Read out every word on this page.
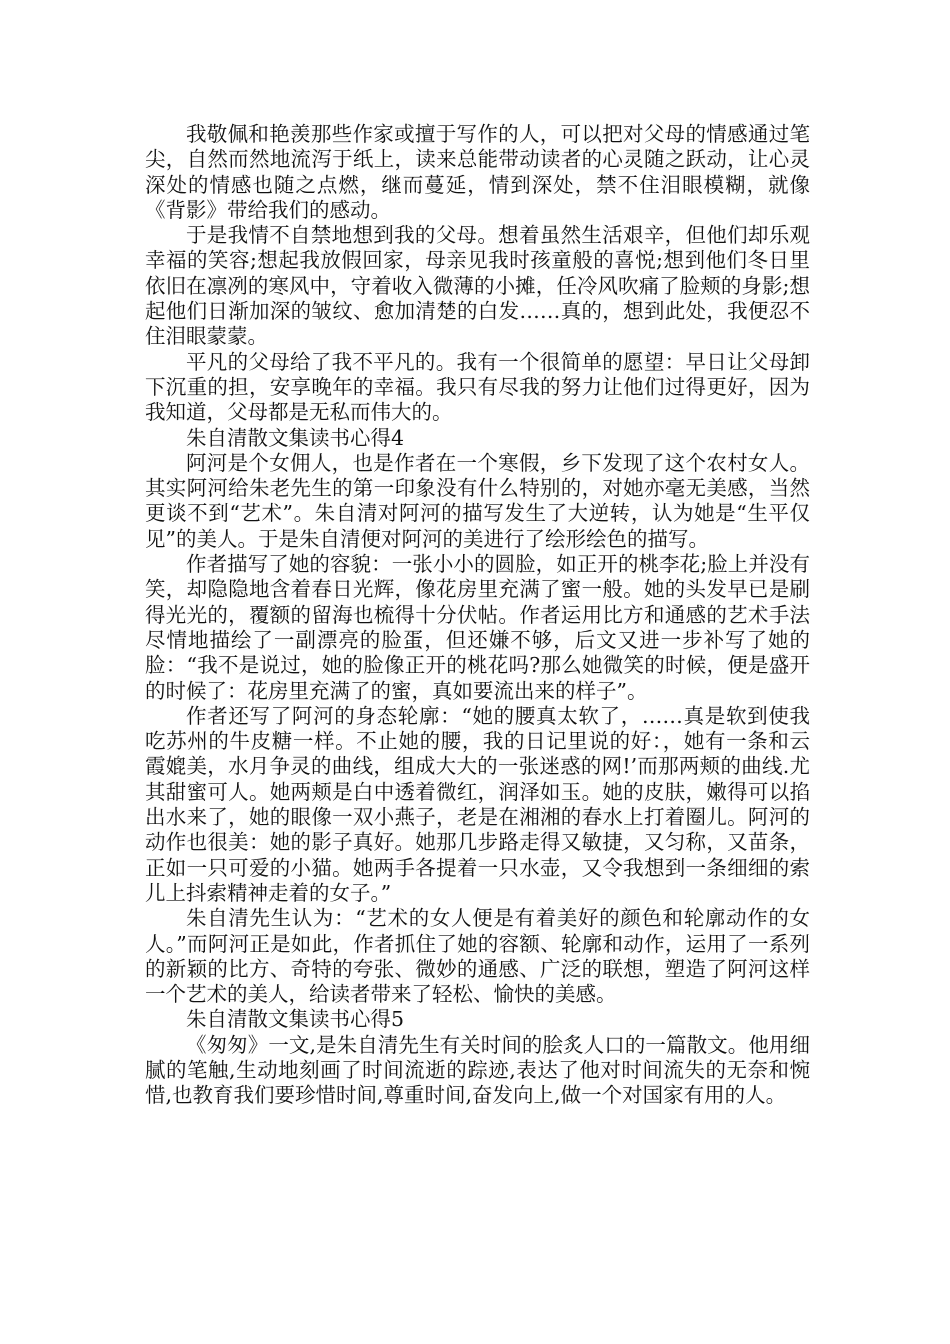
我敬佩和艳羡那些作家或擅于写作的人，可以把对父母的情感通过笔尖，自然而然地流泻于纸上，读来总能带动读者的心灵随之跃动，让心灵深处的情感也随之点燃，继而蔓延，情到深处，禁不住泪眼模糊，就像《背影》带给我们的感动。

于是我情不自禁地想到我的父母。想着虽然生活艰辛，但他们却乐观幸福的笑容;想起我放假回家，母亲见我时孩童般的喜悦;想到他们冬日里依旧在凛冽的寒风中，守着收入微薄的小摊，任冷风吹痛了脸颊的身影;想起他们日渐加深的皱纹、愈加清楚的白发……真的，想到此处，我便忍不住泪眼蒙蒙。

平凡的父母给了我不平凡的。我有一个很简单的愿望：早日让父母卸下沉重的担，安享晚年的幸福。我只有尽我的努力让他们过得更好，因为我知道，父母都是无私而伟大的。

朱自清散文集读书心得4

阿河是个女佣人，也是作者在一个寒假，乡下发现了这个农村女人。其实阿河给朱老先生的第一印象没有什么特别的，对她亦毫无美感，当然更谈不到“艺术”。朱自清对阿河的描写发生了大逆转，认为她是“生平仅见”的美人。于是朱自清便对阿河的美进行了绘形绘色的描写。

作者描写了她的容貌：一张小小的圆脸，如正开的桃李花;脸上并没有笑，却隐隐地含着春日光辉，像花房里充满了蜜一般。她的头发早已是刷得光光的，覆额的留海也梳得十分伏帖。作者运用比方和通感的艺术手法尽情地描绘了一副漂亮的脸蛋，但还嫌不够，后文又进一步补写了她的脸：“我不是说过，她的脸像正开的桃花吗?那么她微笑的时候，便是盛开的时候了：花房里充满了的蜜，真如要流出来的样子”。

作者还写了阿河的身态轮廓：“她的腰真太软了，……真是软到使我吃苏州的牛皮糖一样。不止她的腰，我的日记里说的好：，她有一条和云霞媲美，水月争灵的曲线，组成大大的一张迷惑的网!’而那两颊的曲线.尤其甜蜜可人。她两颊是白中透着微红，润泽如玉。她的皮肤，嫩得可以掐出水来了，她的眼像一双小燕子，老是在湘湘的春水上打着圈儿。阿河的动作也很美：她的影子真好。她那几步路走得又敏捷，又匀称，又苗条，正如一只可爱的小猫。她两手各提着一只水壶，又令我想到一条细细的索儿上抖索精神走着的女子。”

朱自清先生认为：“艺术的女人便是有着美好的颜色和轮廓动作的女人。”而阿河正是如此，作者抓住了她的容额、轮廓和动作，运用了一系列的新颖的比方、奇特的夸张、微妙的通感、广泛的联想，塑造了阿河这样一个艺术的美人，给读者带来了轻松、愉快的美感。

朱自清散文集读书心得5

《匆匆》一文,是朱自清先生有关时间的脍炙人口的一篇散文。他用细腻的笔触,生动地刻画了时间流逝的踪迹,表达了他对时间流失的无奈和惋惜,也教育我们要珍惜时间,尊重时间,奋发向上,做一个对国家有用的人。
